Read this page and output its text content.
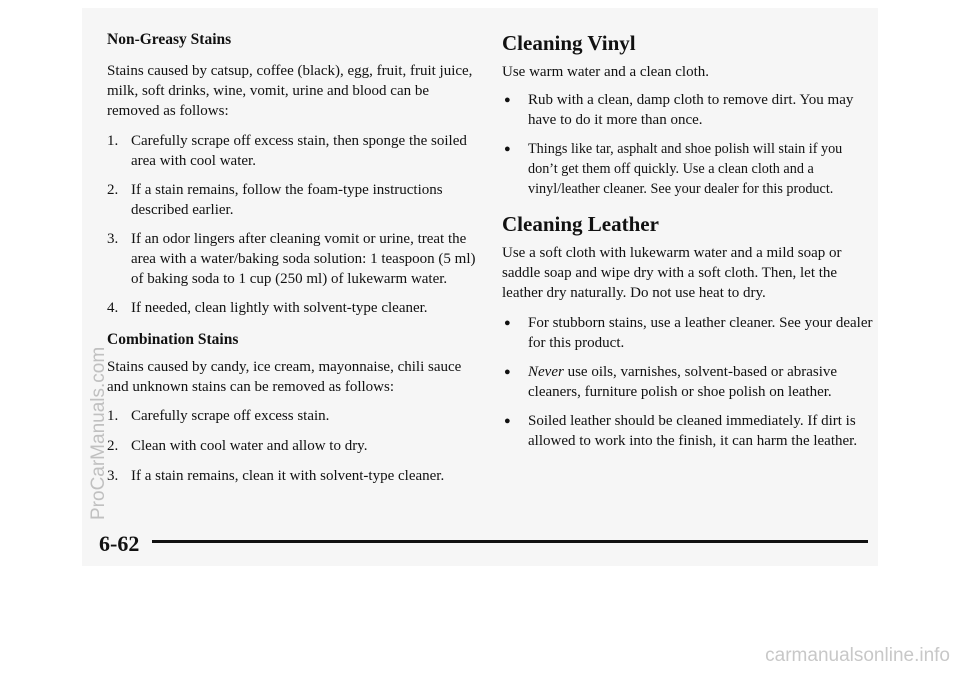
Non-Greasy Stains

Stains caused by catsup, coffee (black), egg, fruit, fruit juice, milk, soft drinks, wine, vomit, urine and blood can be removed as follows:

1. Carefully scrape off excess stain, then sponge the soiled area with cool water.
2. If a stain remains, follow the foam-type instructions described earlier.
3. If an odor lingers after cleaning vomit or urine, treat the area with a water/baking soda solution: 1 teaspoon (5 ml) of baking soda to 1 cup (250 ml) of lukewarm water.
4. If needed, clean lightly with solvent-type cleaner.
Combination Stains

Stains caused by candy, ice cream, mayonnaise, chili sauce and unknown stains can be removed as follows:

1. Carefully scrape off excess stain.
2. Clean with cool water and allow to dry.
3. If a stain remains, clean it with solvent-type cleaner.
Cleaning Vinyl

Use warm water and a clean cloth.

●	Rub with a clean, damp cloth to remove dirt. You may have to do it more than once.
●	Things like tar, asphalt and shoe polish will stain if you don’t get them off quickly. Use a clean cloth and a vinyl/leather cleaner. See your dealer for this product.
Cleaning Leather

Use a soft cloth with lukewarm water and a mild soap or saddle soap and wipe dry with a soft cloth. Then, let the leather dry naturally. Do not use heat to dry.

●	For stubborn stains, use a leather cleaner. See your dealer for this product.
●	Never use oils, varnishes, solvent-based or abrasive cleaners, furniture polish or shoe polish on leather.
●	Soiled leather should be cleaned immediately. If dirt is allowed to work into the finish, it can harm the leather.
6-62
ProCarManuals.com
carmanualsonline.info
